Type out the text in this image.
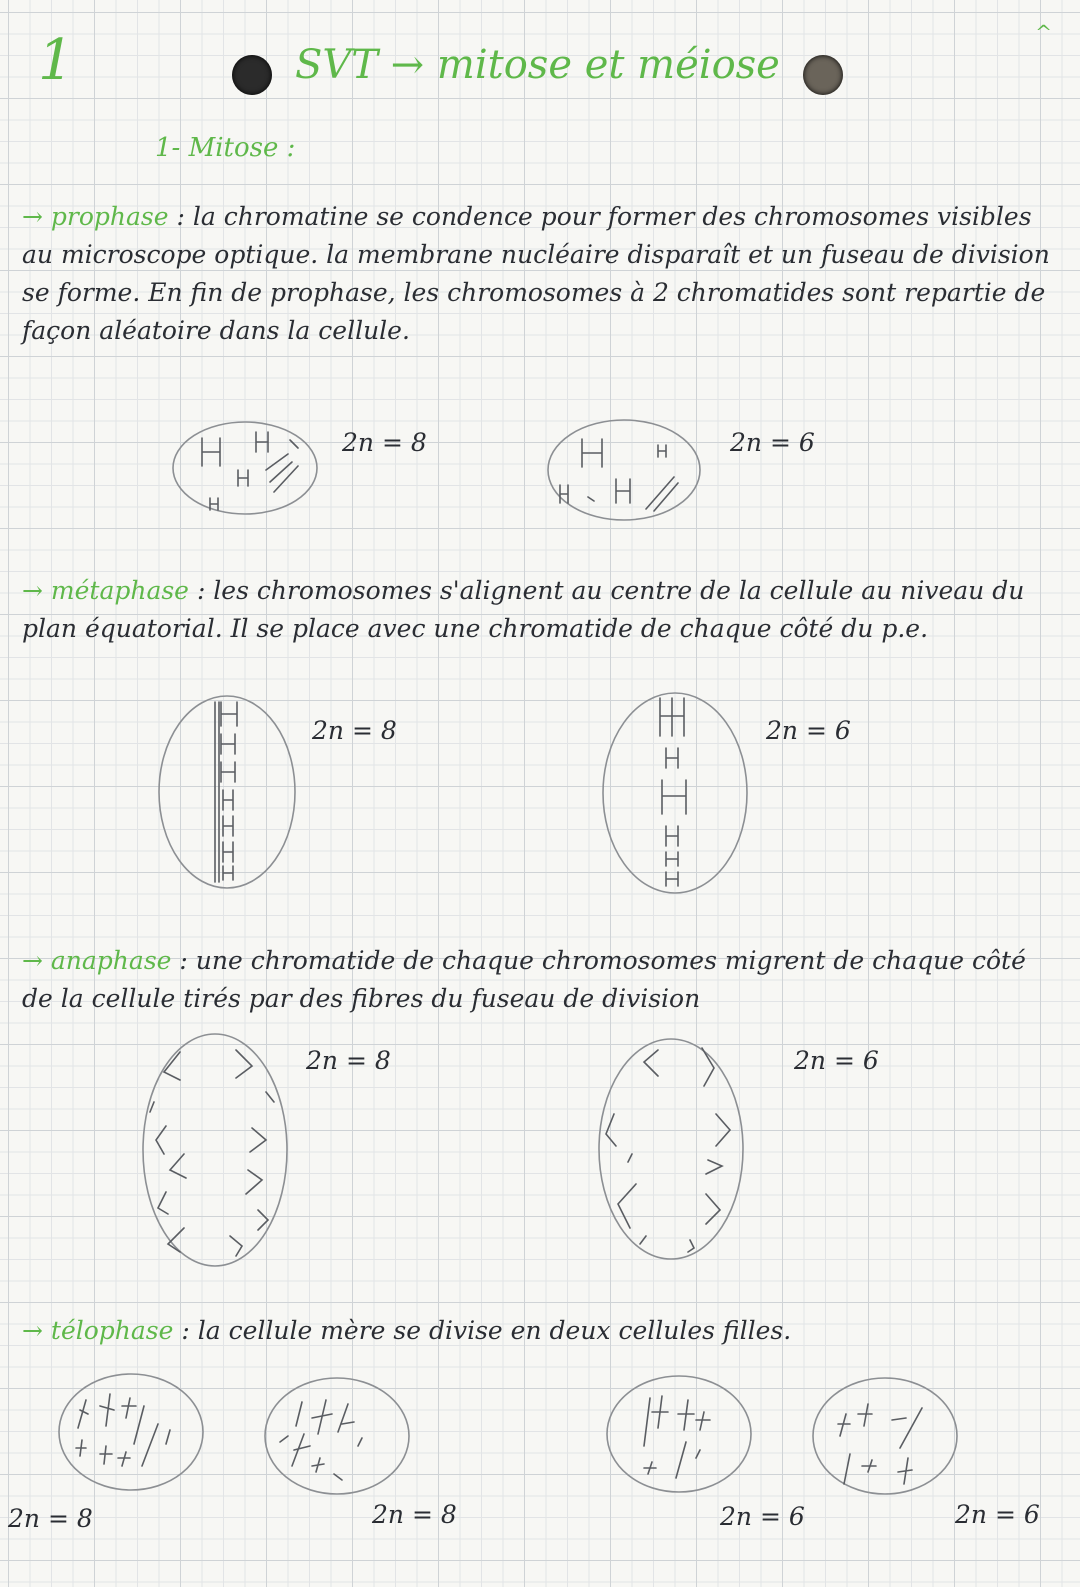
1	^
SVT → mitose et méiose
1- Mitose :
→ prophase : la chromatine se condence pour former des chromosomes visibles au microscope optique. la membrane nucléaire disparaît et un fuseau de division se forme. En fin de prophase, les chromosomes à 2 chromatides sont repartie de façon aléatoire dans la cellule.
2n = 8	2n = 6
→ métaphase : les chromosomes s'alignent au centre de la cellule au niveau du plan équatorial. Il se place avec une chromatide de chaque côté du p.e.
2n = 8	2n = 6
→ anaphase : une chromatide de chaque chromosomes migrent de chaque côté de la cellule tirés par des fibres du fuseau de division
2n = 8	2n = 6
→ télophase : la cellule mère se divise en deux cellules filles.
2n = 8	2n = 8	2n = 6	2n = 6
